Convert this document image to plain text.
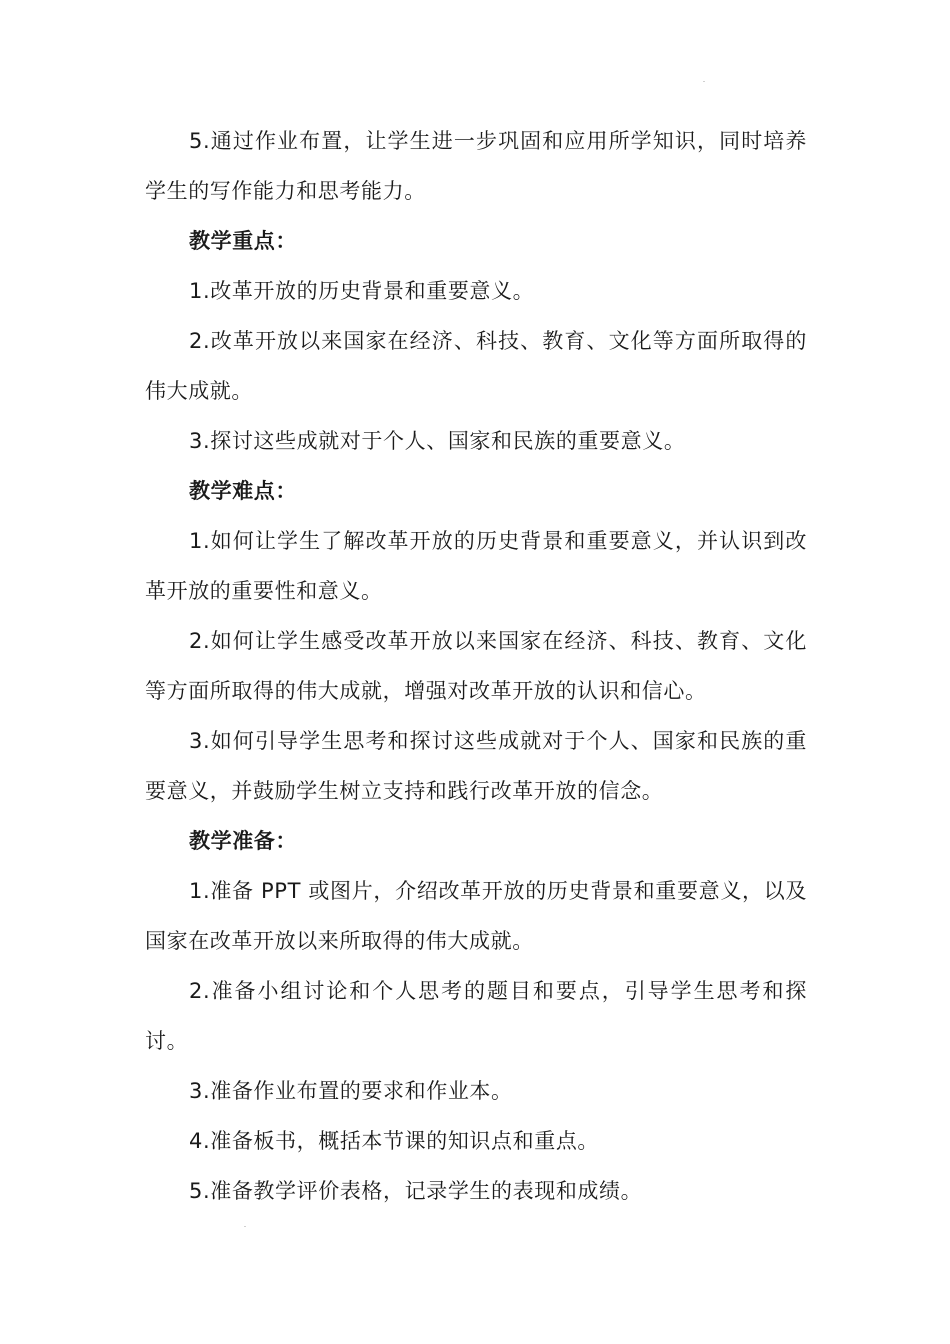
5.通过作业布置，让学生进一步巩固和应用所学知识，同时培养学生的写作能力和思考能力。

教学重点：

1.改革开放的历史背景和重要意义。

2.改革开放以来国家在经济、科技、教育、文化等方面所取得的伟大成就。

3.探讨这些成就对于个人、国家和民族的重要意义。

教学难点：

1.如何让学生了解改革开放的历史背景和重要意义，并认识到改革开放的重要性和意义。

2.如何让学生感受改革开放以来国家在经济、科技、教育、文化等方面所取得的伟大成就，增强对改革开放的认识和信心。

3.如何引导学生思考和探讨这些成就对于个人、国家和民族的重要意义，并鼓励学生树立支持和践行改革开放的信念。

教学准备：

1.准备 PPT 或图片，介绍改革开放的历史背景和重要意义，以及国家在改革开放以来所取得的伟大成就。

2.准备小组讨论和个人思考的题目和要点，引导学生思考和探讨。

3.准备作业布置的要求和作业本。

4.准备板书，概括本节课的知识点和重点。

5.准备教学评价表格，记录学生的表现和成绩。
